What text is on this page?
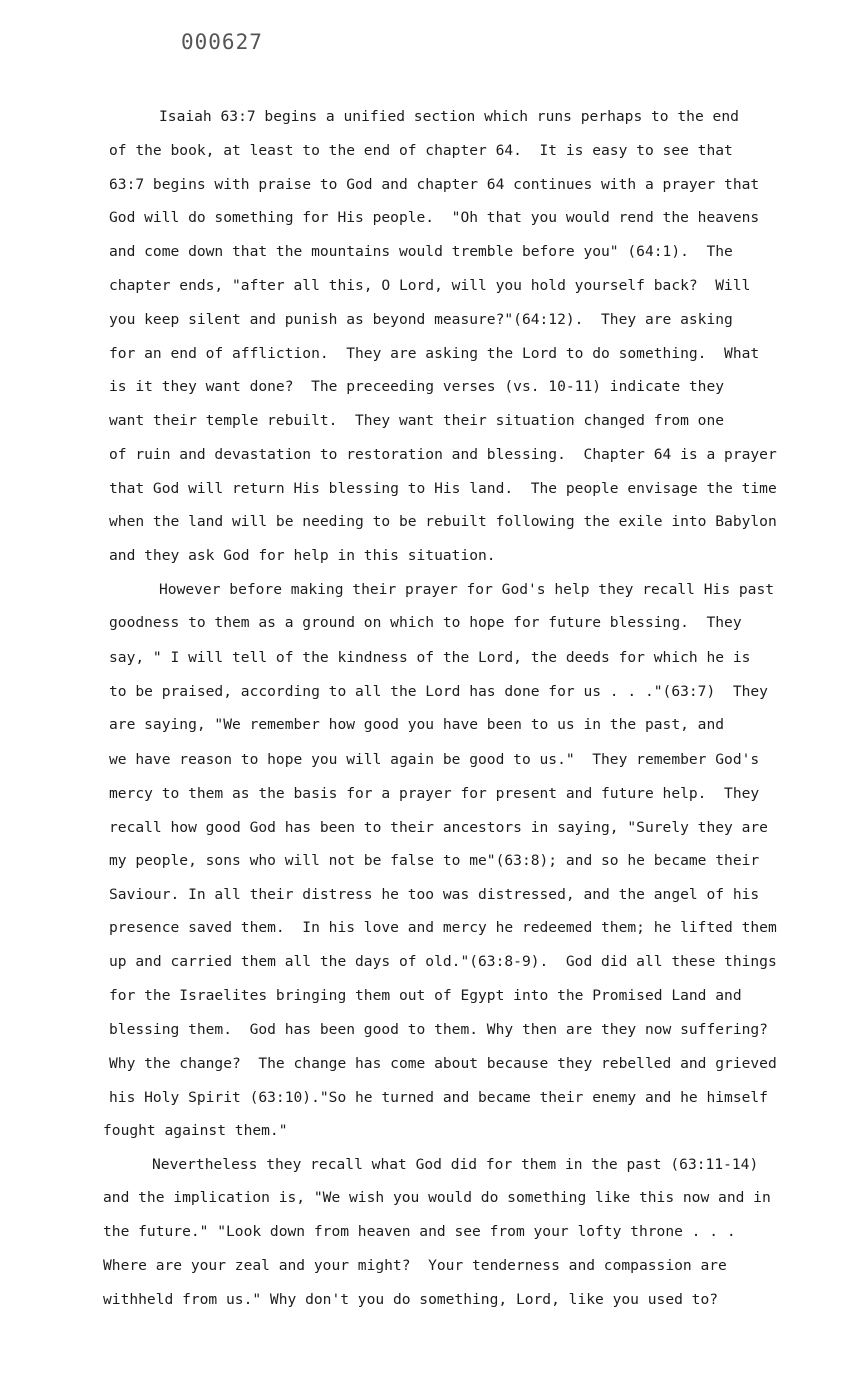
000627
Isaiah 63:7 begins a unified section which runs perhaps to the end
of the book, at least to the end of chapter 64.  It is easy to see that
63:7 begins with praise to God and chapter 64 continues with a prayer that
God will do something for His people.  "Oh that you would rend the heavens
and come down that the mountains would tremble before you" (64:1).  The
chapter ends, "after all this, O Lord, will you hold yourself back?  Will
you keep silent and punish as beyond measure?"(64:12).  They are asking
for an end of affliction.  They are asking the Lord to do something.  What
is it they want done?  The preceeding verses (vs. 10-11) indicate they
want their temple rebuilt.  They want their situation changed from one
of ruin and devastation to restoration and blessing.  Chapter 64 is a prayer
that God will return His blessing to His land.  The people envisage the time
when the land will be needing to be rebuilt following the exile into Babylon
and they ask God for help in this situation.
However before making their prayer for God's help they recall His past
goodness to them as a ground on which to hope for future blessing.  They
say, " I will tell of the kindness of the Lord, the deeds for which he is
to be praised, according to all the Lord has done for us . . ."(63:7)  They
are saying, "We remember how good you have been to us in the past, and
we have reason to hope you will again be good to us."  They remember God's
mercy to them as the basis for a prayer for present and future help.  They
recall how good God has been to their ancestors in saying, "Surely they are
my people, sons who will not be false to me"(63:8); and so he became their
Saviour. In all their distress he too was distressed, and the angel of his
presence saved them.  In his love and mercy he redeemed them; he lifted them
up and carried them all the days of old."(63:8-9).  God did all these things
for the Israelites bringing them out of Egypt into the Promised Land and
blessing them.  God has been good to them. Why then are they now suffering?
Why the change?  The change has come about because they rebelled and grieved
his Holy Spirit (63:10)."So he turned and became their enemy and he himself
fought against them."
Nevertheless they recall what God did for them in the past (63:11-14)
and the implication is, "We wish you would do something like this now and in
the future." "Look down from heaven and see from your lofty throne . . .
Where are your zeal and your might?  Your tenderness and compassion are
withheld from us." Why don't you do something, Lord, like you used to?
